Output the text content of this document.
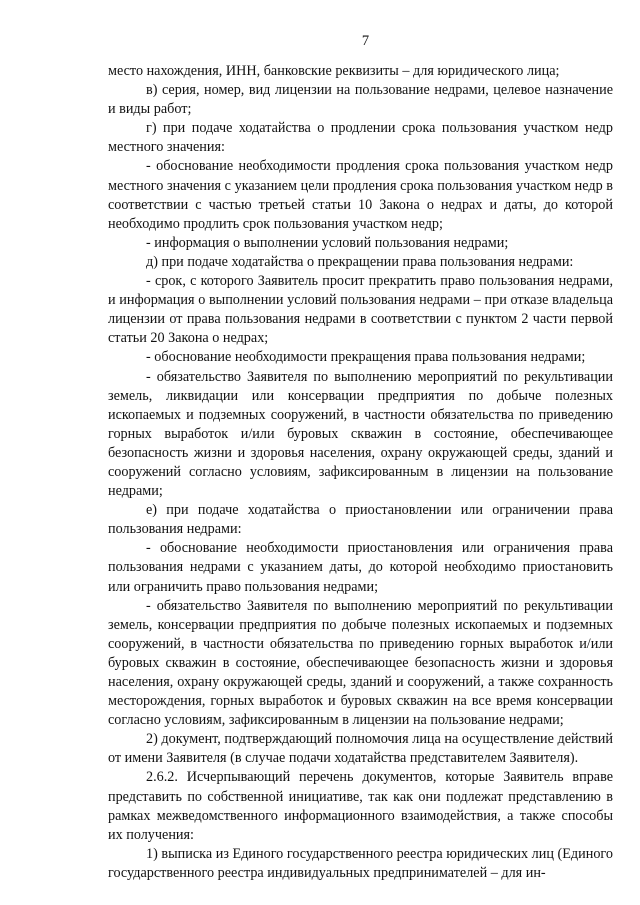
7

место нахождения, ИНН, банковские реквизиты – для юридического лица;

в) серия, номер, вид лицензии на пользование недрами, целевое назначение и виды работ;

г) при подаче ходатайства о продлении срока пользования участком недр местного значения:

- обоснование необходимости продления срока пользования участком недр местного значения с указанием цели продления срока пользования участком недр в соответствии с частью третьей статьи 10 Закона о недрах и даты, до которой необходимо продлить срок пользования участком недр;

- информация о выполнении условий пользования недрами;

д) при подаче ходатайства о прекращении права пользования недрами:

- срок, с которого Заявитель просит прекратить право пользования недрами, и информация о выполнении условий пользования недрами – при отказе владельца лицензии от права пользования недрами в соответствии с пунктом 2 части первой статьи 20 Закона о недрах;

- обоснование необходимости прекращения права пользования недрами;

- обязательство Заявителя по выполнению мероприятий по рекультивации земель, ликвидации или консервации предприятия по добыче полезных ископаемых и подземных сооружений, в частности обязательства по приведению горных выработок и/или буровых скважин в состояние, обеспечивающее безопасность жизни и здоровья населения, охрану окружающей среды, зданий и сооружений согласно условиям, зафиксированным в лицензии на пользование недрами;

е) при подаче ходатайства о приостановлении или ограничении права пользования недрами:

- обоснование необходимости приостановления или ограничения права пользования недрами с указанием даты, до которой необходимо приостановить или ограничить право пользования недрами;

- обязательство Заявителя по выполнению мероприятий по рекультивации земель, консервации предприятия по добыче полезных ископаемых и подземных сооружений, в частности обязательства по приведению горных выработок и/или буровых скважин в состояние, обеспечивающее безопасность жизни и здоровья населения, охрану окружающей среды, зданий и сооружений, а также сохранность месторождения, горных выработок и буровых скважин на все время консервации согласно условиям, зафиксированным в лицензии на пользование недрами;

2) документ, подтверждающий полномочия лица на осуществление действий от имени Заявителя (в случае подачи ходатайства представителем Заявителя).

2.6.2. Исчерпывающий перечень документов, которые Заявитель вправе представить по собственной инициативе, так как они подлежат представлению в рамках межведомственного информационного взаимодействия, а также способы их получения:

1) выписка из Единого государственного реестра юридических лиц (Единого государственного реестра индивидуальных предпринимателей – для ин-
